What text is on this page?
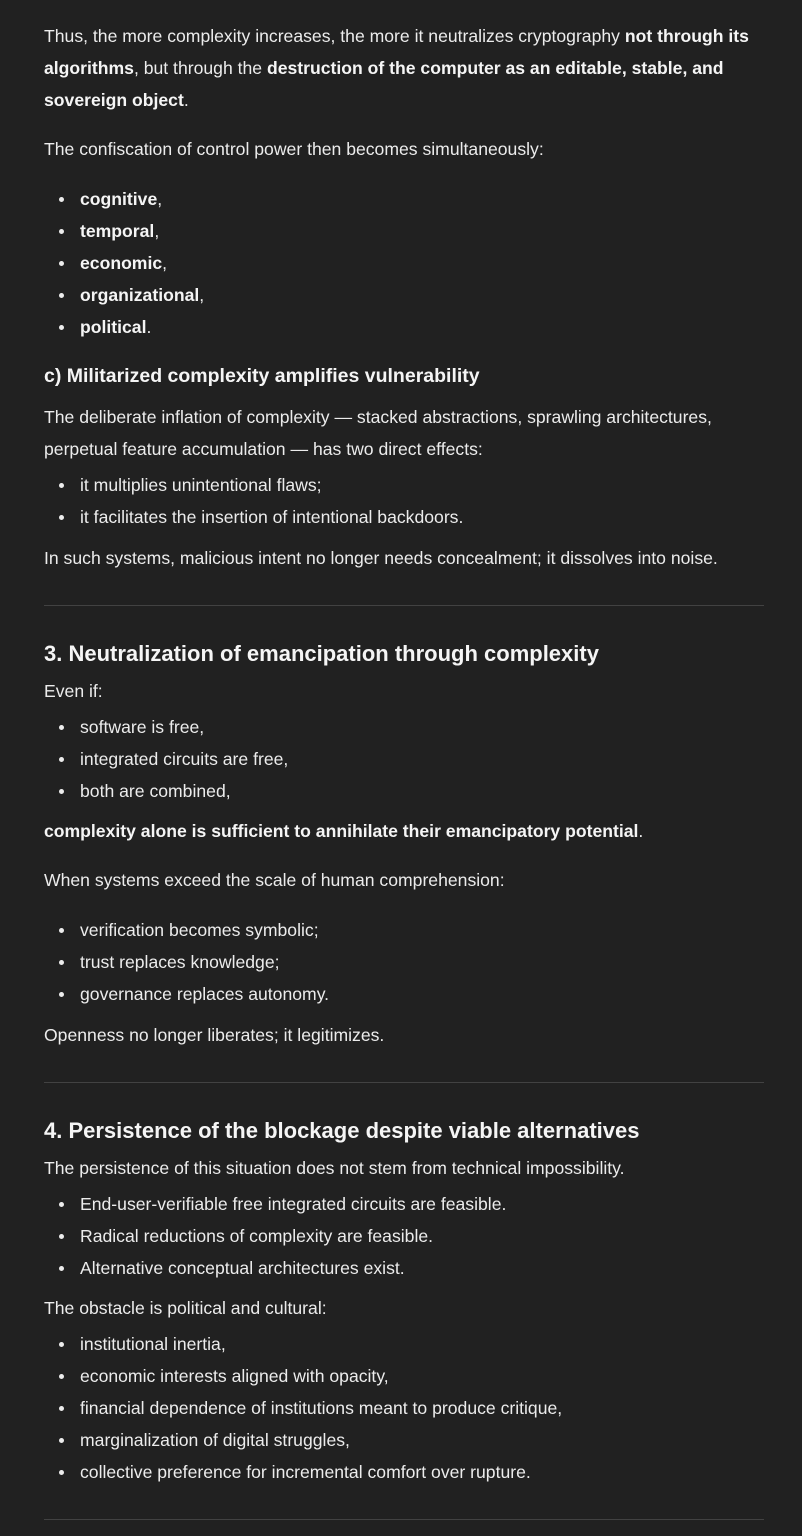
Thus, the more complexity increases, the more it neutralizes cryptography not through its algorithms, but through the destruction of the computer as an editable, stable, and sovereign object.

The confiscation of control power then becomes simultaneously:

cognitive,
temporal,
economic,
organizational,
political.
c) Militarized complexity amplifies vulnerability

The deliberate inflation of complexity — stacked abstractions, sprawling architectures, perpetual feature accumulation — has two direct effects:

it multiplies unintentional flaws;
it facilitates the insertion of intentional backdoors.

In such systems, malicious intent no longer needs concealment; it dissolves into noise.

3. Neutralization of emancipation through complexity

Even if:

software is free,
integrated circuits are free,
both are combined,

complexity alone is sufficient to annihilate their emancipatory potential.

When systems exceed the scale of human comprehension:

verification becomes symbolic;
trust replaces knowledge;
governance replaces autonomy.

Openness no longer liberates; it legitimizes.

4. Persistence of the blockage despite viable alternatives

The persistence of this situation does not stem from technical impossibility.

End-user-verifiable free integrated circuits are feasible.
Radical reductions of complexity are feasible.
Alternative conceptual architectures exist.

The obstacle is political and cultural:

institutional inertia,
economic interests aligned with opacity,
financial dependence of institutions meant to produce critique,
marginalization of digital struggles,
collective preference for incremental comfort over rupture.
